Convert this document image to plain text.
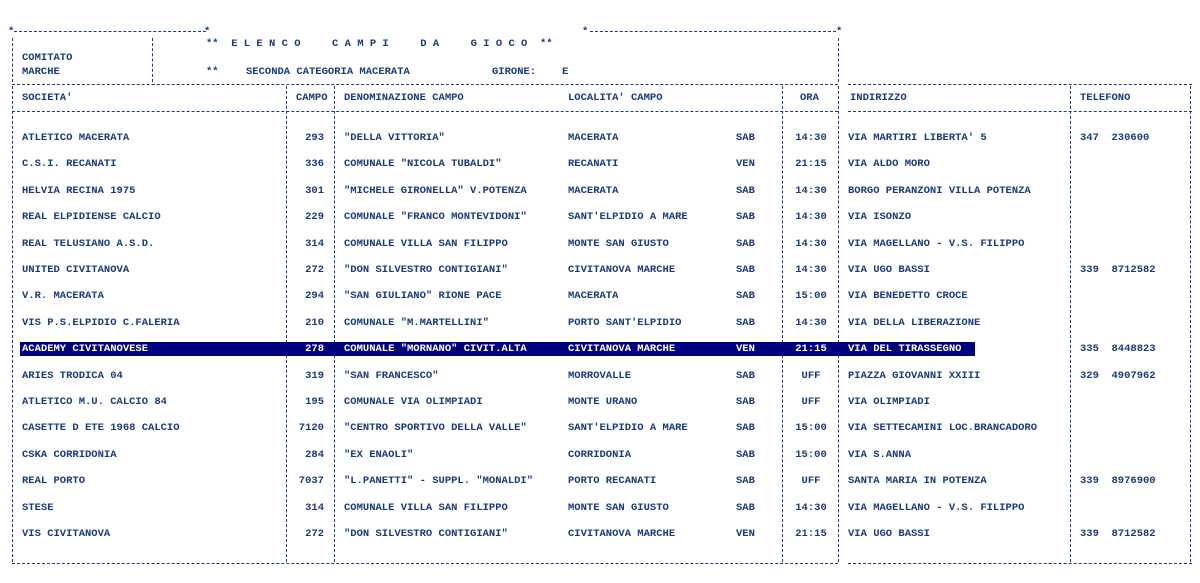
*	*	*	*
COMITATO
MARCHE
**  E L E N C O     C A M P I     D A     G I O C O  **
**	SECONDA CATEGORIA MACERATA	GIRONE: E
SOCIETA'	CAMPO DENOMINAZIONE CAMPO	LOCALITA' CAMPO	ORA	INDIRIZZO	TELEFONO
ATLETICO MACERATA	293 "DELLA VITTORIA"	MACERATA	SAB	14:30	VIA MARTIRI LIBERTA' 5	347  230600
C.S.I. RECANATI	336 COMUNALE "NICOLA TUBALDI"	RECANATI	VEN	21:15	VIA ALDO MORO
HELVIA RECINA 1975	301 "MICHELE GIRONELLA" V.POTENZA	MACERATA	SAB	14:30	BORGO PERANZONI VILLA POTENZA
REAL ELPIDIENSE CALCIO	229 COMUNALE "FRANCO MONTEVIDONI"	SANT'ELPIDIO A MARE	SAB	14:30	VIA ISONZO
REAL TELUSIANO A.S.D.	314 COMUNALE VILLA SAN FILIPPO	MONTE SAN GIUSTO	SAB	14:30	VIA MAGELLANO - V.S. FILIPPO
UNITED CIVITANOVA	272 "DON SILVESTRO CONTIGIANI"	CIVITANOVA MARCHE	SAB	14:30	VIA UGO BASSI	339  8712582
V.R. MACERATA	294 "SAN GIULIANO" RIONE PACE	MACERATA	SAB	15:00	VIA BENEDETTO CROCE
VIS P.S.ELPIDIO C.FALERIA	210 COMUNALE "M.MARTELLINI"	PORTO SANT'ELPIDIO	SAB	14:30	VIA DELLA LIBERAZIONE
ACADEMY CIVITANOVESE	278 COMUNALE "MORNANO" CIVIT.ALTA	CIVITANOVA MARCHE	VEN	21:15	VIA DEL TIRASSEGNO	335  8448823
ARIES TRODICA 04	319 "SAN FRANCESCO"	MORROVALLE	SAB	UFF	PIAZZA GIOVANNI XXIII	329  4907962
ATLETICO M.U. CALCIO 84	195 COMUNALE VIA OLIMPIADI	MONTE URANO	SAB	UFF	VIA OLIMPIADI
CASETTE D ETE 1968 CALCIO	7120 "CENTRO SPORTIVO DELLA VALLE"	SANT'ELPIDIO A MARE	SAB	15:00	VIA SETTECAMINI LOC.BRANCADORO
CSKA CORRIDONIA	284 "EX ENAOLI"	CORRIDONIA	SAB	15:00	VIA S.ANNA
REAL PORTO	7037 "L.PANETTI" - SUPPL. "MONALDI"	PORTO RECANATI	SAB	UFF	SANTA MARIA IN POTENZA	339  8976900
STESE	314 COMUNALE VILLA SAN FILIPPO	MONTE SAN GIUSTO	SAB	14:30	VIA MAGELLANO - V.S. FILIPPO
VIS CIVITANOVA	272 "DON SILVESTRO CONTIGIANI"	CIVITANOVA MARCHE	VEN	21:15	VIA UGO BASSI	339  8712582
